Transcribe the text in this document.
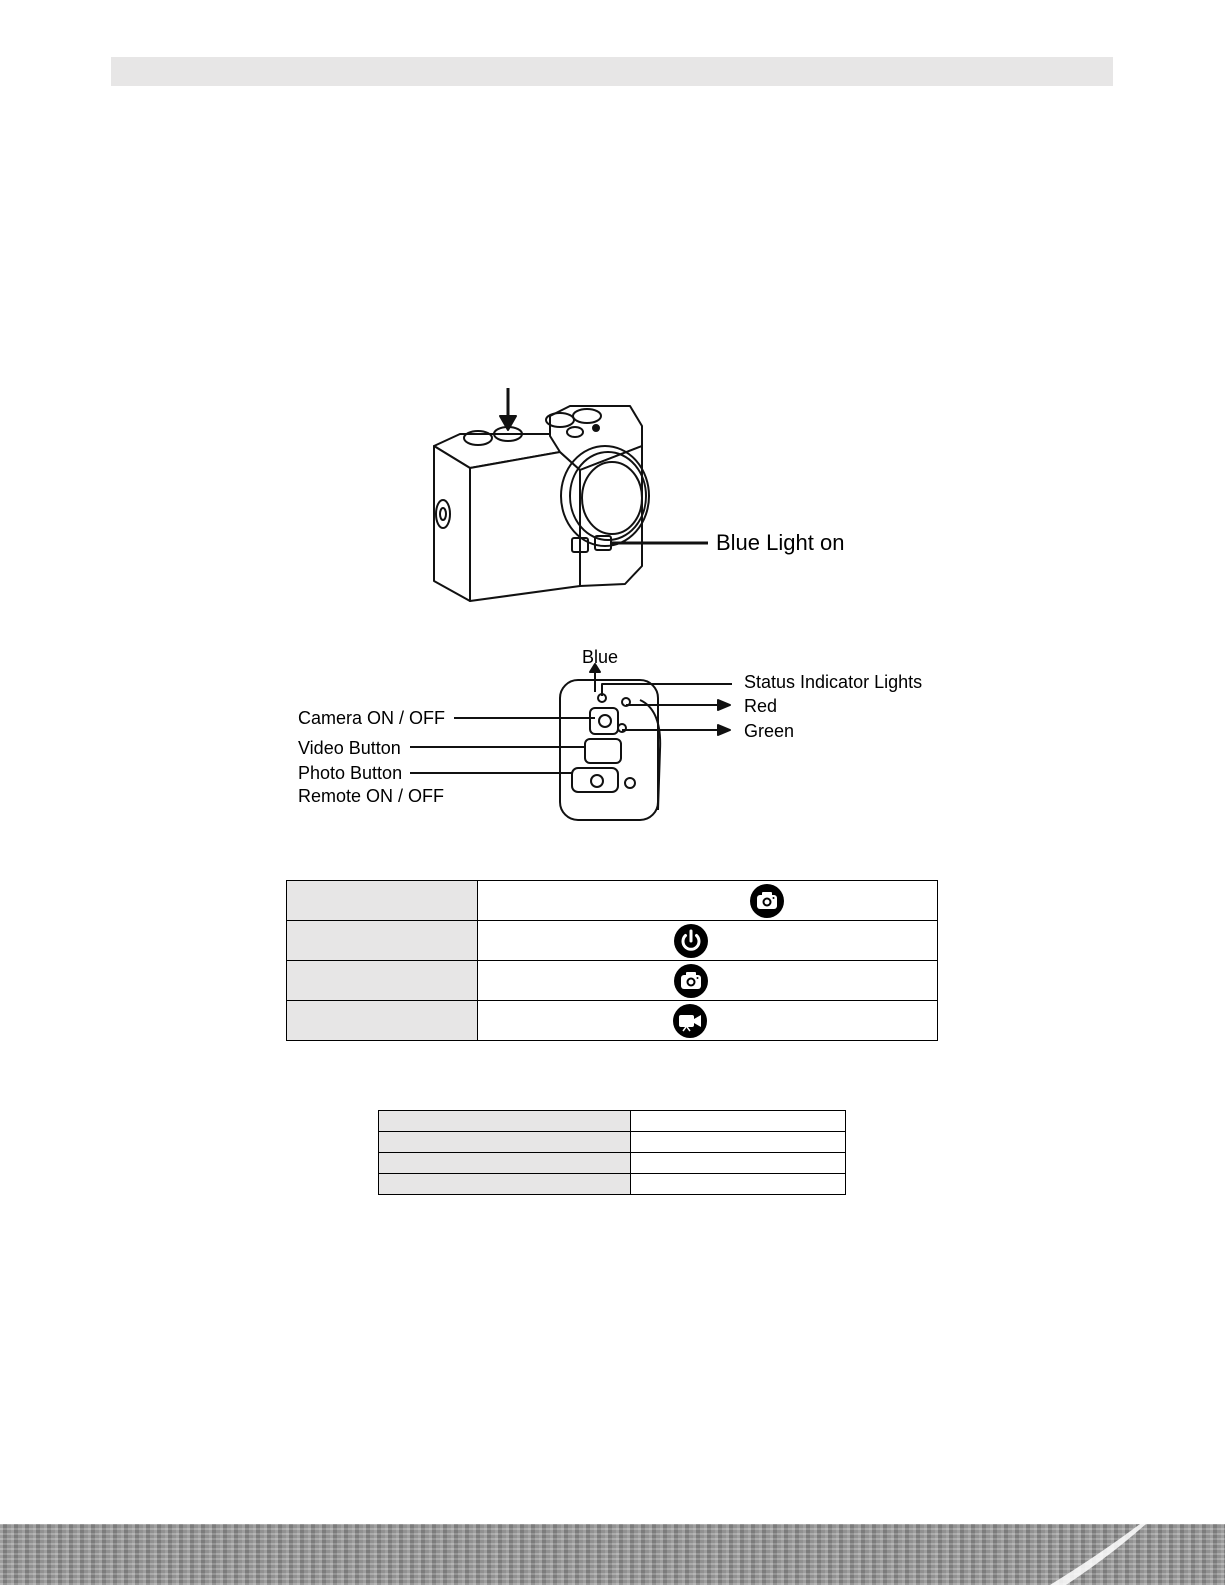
Blue Light on
Blue
Status Indicator Lights
Red
Green
Camera ON / OFF
Video Button
Photo Button
Remote ON / OFF
